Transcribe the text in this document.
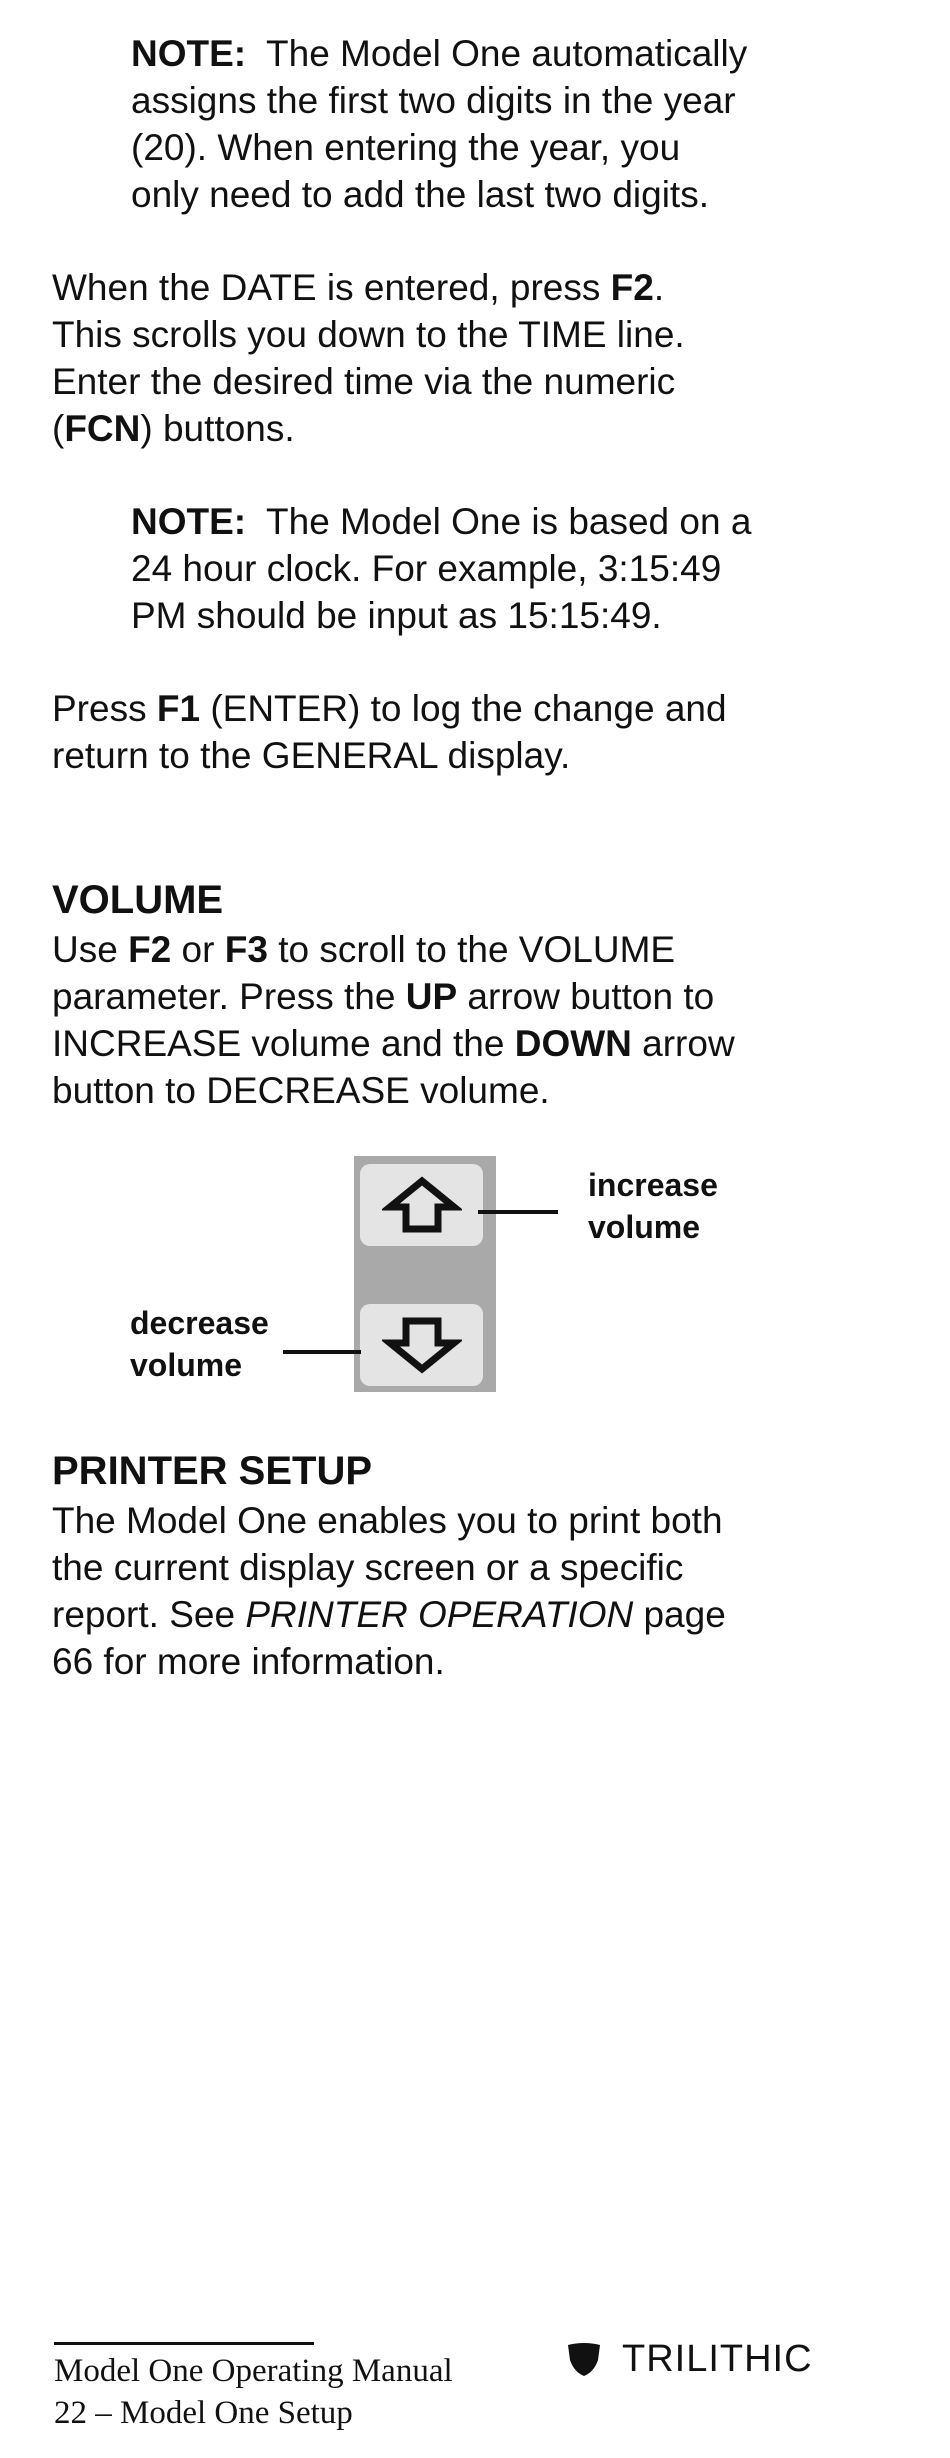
NOTE: The Model One automatically
assigns the first two digits in the year
(20). When entering the year, you
only need to add the last two digits.

When the DATE is entered, press F2.
This scrolls you down to the TIME line.
Enter the desired time via the numeric
(FCN) buttons.

NOTE: The Model One is based on a
24 hour clock. For example, 3:15:49
PM should be input as 15:15:49.

Press F1 (ENTER) to log the change and
return to the GENERAL display.

VOLUME

Use F2 or F3 to scroll to the VOLUME
parameter. Press the UP arrow button to
INCREASE volume and the DOWN arrow
button to DECREASE volume.

increase
volume

decrease
volume

PRINTER SETUP

The Model One enables you to print both
the current display screen or a specific
report. See PRINTER OPERATION page
66 for more information.

Model One Operating Manual

22 – Model One Setup

TRILITHIC
